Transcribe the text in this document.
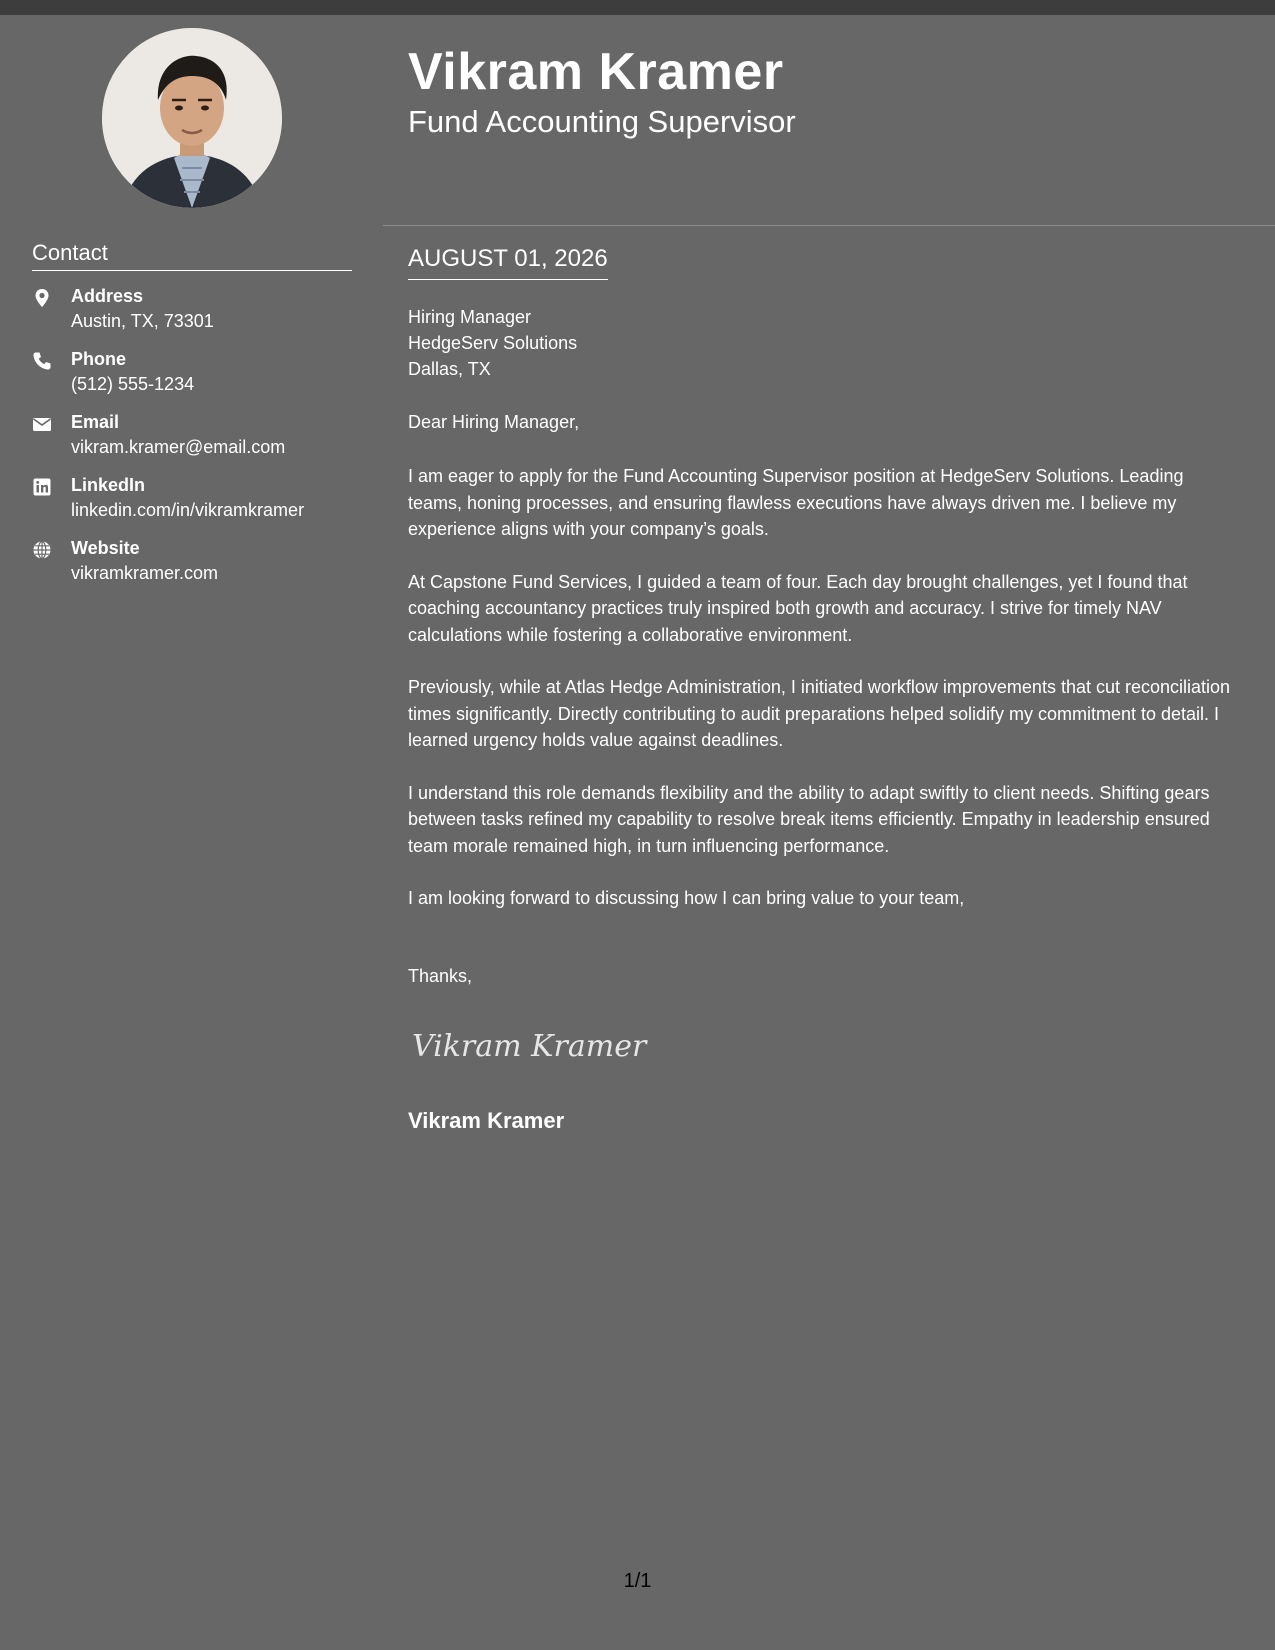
Vikram Kramer
Fund Accounting Supervisor
Contact
Address
Austin, TX, 73301
Phone
(512) 555-1234
Email
vikram.kramer@email.com
LinkedIn
linkedin.com/in/vikramkramer
Website
vikramkramer.com
AUGUST 01, 2026
Hiring Manager
HedgeServ Solutions
Dallas, TX
Dear Hiring Manager,

I am eager to apply for the Fund Accounting Supervisor position at HedgeServ Solutions. Leading teams, honing processes, and ensuring flawless executions have always driven me. I believe my experience aligns with your company’s goals.

At Capstone Fund Services, I guided a team of four. Each day brought challenges, yet I found that coaching accountancy practices truly inspired both growth and accuracy. I strive for timely NAV calculations while fostering a collaborative environment.

Previously, while at Atlas Hedge Administration, I initiated workflow improvements that cut reconciliation times significantly. Directly contributing to audit preparations helped solidify my commitment to detail. I learned urgency holds value against deadlines.

I understand this role demands flexibility and the ability to adapt swiftly to client needs. Shifting gears between tasks refined my capability to resolve break items efficiently. Empathy in leadership ensured team morale remained high, in turn influencing performance.

I am looking forward to discussing how I can bring value to your team,

Thanks,
Vikram Kramer
Vikram Kramer
1/1
